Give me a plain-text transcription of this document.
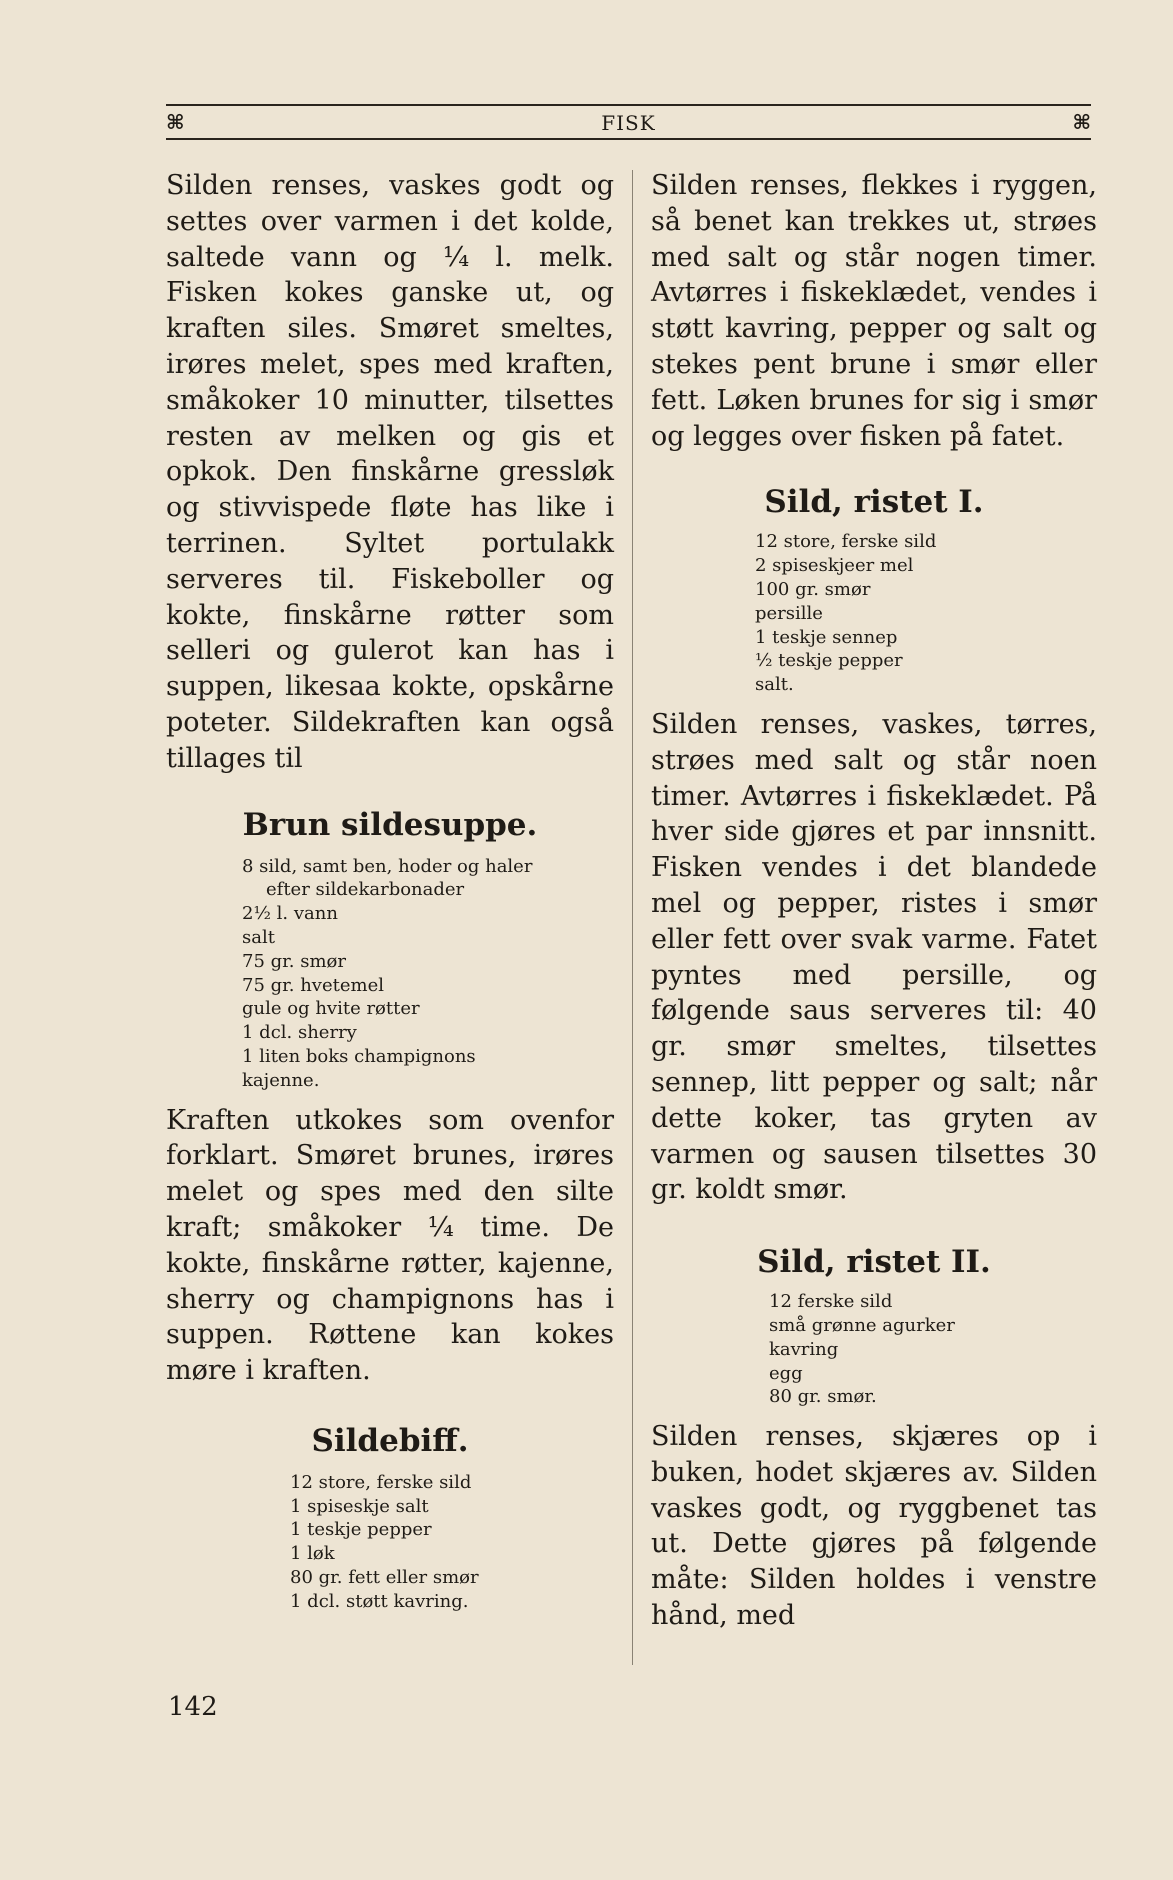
⌘	FISK	⌘

Silden renses, vaskes godt og settes over varmen i det kolde, saltede vann og ¼ l. melk. Fisken kokes ganske ut, og kraften siles. Smøret smeltes, irøres melet, spes med kraften, småkoker 10 minutter, tilsettes resten av melken og gis et opkok. Den finskårne gressløk og stivvispede fløte has like i terrinen. Syltet portulakk serveres til. Fiskeboller og kokte, finskårne røtter som selleri og gulerot kan has i suppen, likesaa kokte, opskårne poteter. Sildekraften kan også tillages til

Brun sildesuppe.
8 sild, samt ben, hoder og haler
efter sildekarbonader
2½ l. vann
salt
75 gr. smør
75 gr. hvetemel
gule og hvite røtter
1 dcl. sherry
1 liten boks champignons
kajenne.

Kraften utkokes som ovenfor forklart. Smøret brunes, irøres melet og spes med den silte kraft; småkoker ¼ time. De kokte, finskårne røtter, kajenne, sherry og champignons has i suppen. Røttene kan kokes møre i kraften.

Sildebiff.
12 store, ferske sild
1 spiseskje salt
1 teskje pepper
1 løk
80 gr. fett eller smør
1 dcl. støtt kavring.

Silden renses, flekkes i ryggen, så benet kan trekkes ut, strøes med salt og står nogen timer. Avtørres i fiskeklædet, vendes i støtt kavring, pepper og salt og stekes pent brune i smør eller fett. Løken brunes for sig i smør og legges over fisken på fatet.

Sild, ristet I.
12 store, ferske sild
2 spiseskjeer mel
100 gr. smør
persille
1 teskje sennep
½ teskje pepper
salt.

Silden renses, vaskes, tørres, strøes med salt og står noen timer. Avtørres i fiskeklædet. På hver side gjøres et par innsnitt. Fisken vendes i det blandede mel og pepper, ristes i smør eller fett over svak varme. Fatet pyntes med persille, og følgende saus serveres til: 40 gr. smør smeltes, tilsettes sennep, litt pepper og salt; når dette koker, tas gryten av varmen og sausen tilsettes 30 gr. koldt smør.

Sild, ristet II.
12 ferske sild
små grønne agurker
kavring
egg
80 gr. smør.

Silden renses, skjæres op i buken, hodet skjæres av. Silden vaskes godt, og ryggbenet tas ut. Dette gjøres på følgende måte: Silden holdes i venstre hånd, med

142
